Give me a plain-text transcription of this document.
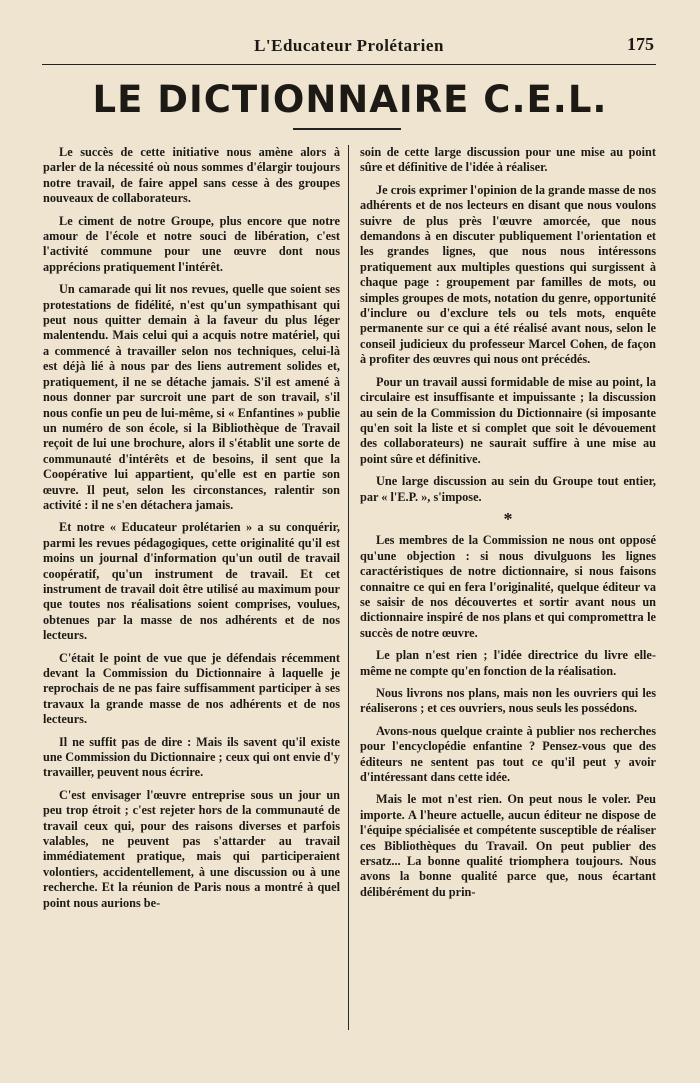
L'Educateur Prolétarien	175
LE DICTIONNAIRE C.E.L.

Le succès de cette initiative nous amène alors à parler de la nécessité où nous sommes d'élargir toujours notre travail, de faire appel sans cesse à des groupes nouveaux de collaborateurs.

Le ciment de notre Groupe, plus encore que notre amour de l'école et notre souci de libération, c'est l'activité commune pour une œuvre dont nous apprécions pratiquement l'intérêt.

Un camarade qui lit nos revues, quelle que soient ses protestations de fidélité, n'est qu'un sympathisant qui peut nous quitter demain à la faveur du plus léger malentendu. Mais celui qui a acquis notre matériel, qui a commencé à travailler selon nos techniques, celui-là est déjà lié à nous par des liens autrement solides et, pratiquement, il ne se détache jamais. S'il est amené à nous donner par surcroit une part de son travail, s'il nous confie un peu de lui-même, si « Enfantines » publie un numéro de son école, si la Bibliothèque de Travail reçoit de lui une brochure, alors il s'établit une sorte de communauté d'intérêts et de besoins, il sent que la Coopérative lui appartient, qu'elle est en partie son œuvre. Il peut, selon les circonstances, ralentir son activité : il ne s'en détachera jamais.

Et notre « Educateur prolétarien » a su conquérir, parmi les revues pédagogiques, cette originalité qu'il est moins un journal d'information qu'un outil de travail coopératif, qu'un instrument de travail. Et cet instrument de travail doit être utilisé au maximum pour que toutes nos réalisations soient comprises, voulues, obtenues par la masse de nos adhérents et de nos lecteurs.

C'était le point de vue que je défendais récemment devant la Commission du Dictionnaire à laquelle je reprochais de ne pas faire suffisamment participer à ses travaux la grande masse de nos adhérents et de nos lecteurs.

Il ne suffit pas de dire : Mais ils savent qu'il existe une Commission du Dictionnaire ; ceux qui ont envie d'y travailler, peuvent nous écrire.

C'est envisager l'œuvre entreprise sous un jour un peu trop étroit ; c'est rejeter hors de la communauté de travail ceux qui, pour des raisons diverses et parfois valables, ne peuvent pas s'attarder au travail immédiatement pratique, mais qui participeraient volontiers, accidentellement, à une discussion ou à une recherche. Et la réunion de Paris nous a montré à quel point nous aurions be-

soin de cette large discussion pour une mise au point sûre et définitive de l'idée à réaliser.

Je crois exprimer l'opinion de la grande masse de nos adhérents et de nos lecteurs en disant que nous voulons suivre de plus près l'œuvre amorcée, que nous demandons à en discuter publiquement l'orientation et les grandes lignes, que nous nous intéressons pratiquement aux multiples questions qui surgissent à chaque page : groupement par familles de mots, ou simples groupes de mots, notation du genre, opportunité d'inclure ou d'exclure tels ou tels mots, enquête permanente sur ce qui a été réalisé avant nous, selon le conseil judicieux du professeur Marcel Cohen, de façon à profiter des œuvres qui nous ont précédés.

Pour un travail aussi formidable de mise au point, la circulaire est insuffisante et impuissante ; la discussion au sein de la Commission du Dictionnaire (si imposante qu'en soit la liste et si complet que soit le dévouement des collaborateurs) ne saurait suffire à une mise au point sûre et définitive.

Une large discussion au sein du Groupe tout entier, par « l'E.P. », s'impose.

*

Les membres de la Commission ne nous ont opposé qu'une objection : si nous divulguons les lignes caractéristiques de notre dictionnaire, si nous faisons connaitre ce qui en fera l'originalité, quelque éditeur va se saisir de nos découvertes et sortir avant nous un dictionnaire inspiré de nos plans et qui compromettra le succès de notre œuvre.

Le plan n'est rien ; l'idée directrice du livre elle-même ne compte qu'en fonction de la réalisation.

Nous livrons nos plans, mais non les ouvriers qui les réaliserons ; et ces ouvriers, nous seuls les possédons.

Avons-nous quelque crainte à publier nos recherches pour l'encyclopédie enfantine ? Pensez-vous que des éditeurs ne sentent pas tout ce qu'il peut y avoir d'intéressant dans cette idée.

Mais le mot n'est rien. On peut nous le voler. Peu importe. A l'heure actuelle, aucun éditeur ne dispose de l'équipe spécialisée et compétente susceptible de réaliser ces Bibliothèques du Travail. On peut publier des ersatz... La bonne qualité triomphera toujours. Nous avons la bonne qualité parce que, nous écartant délibérément du prin-
